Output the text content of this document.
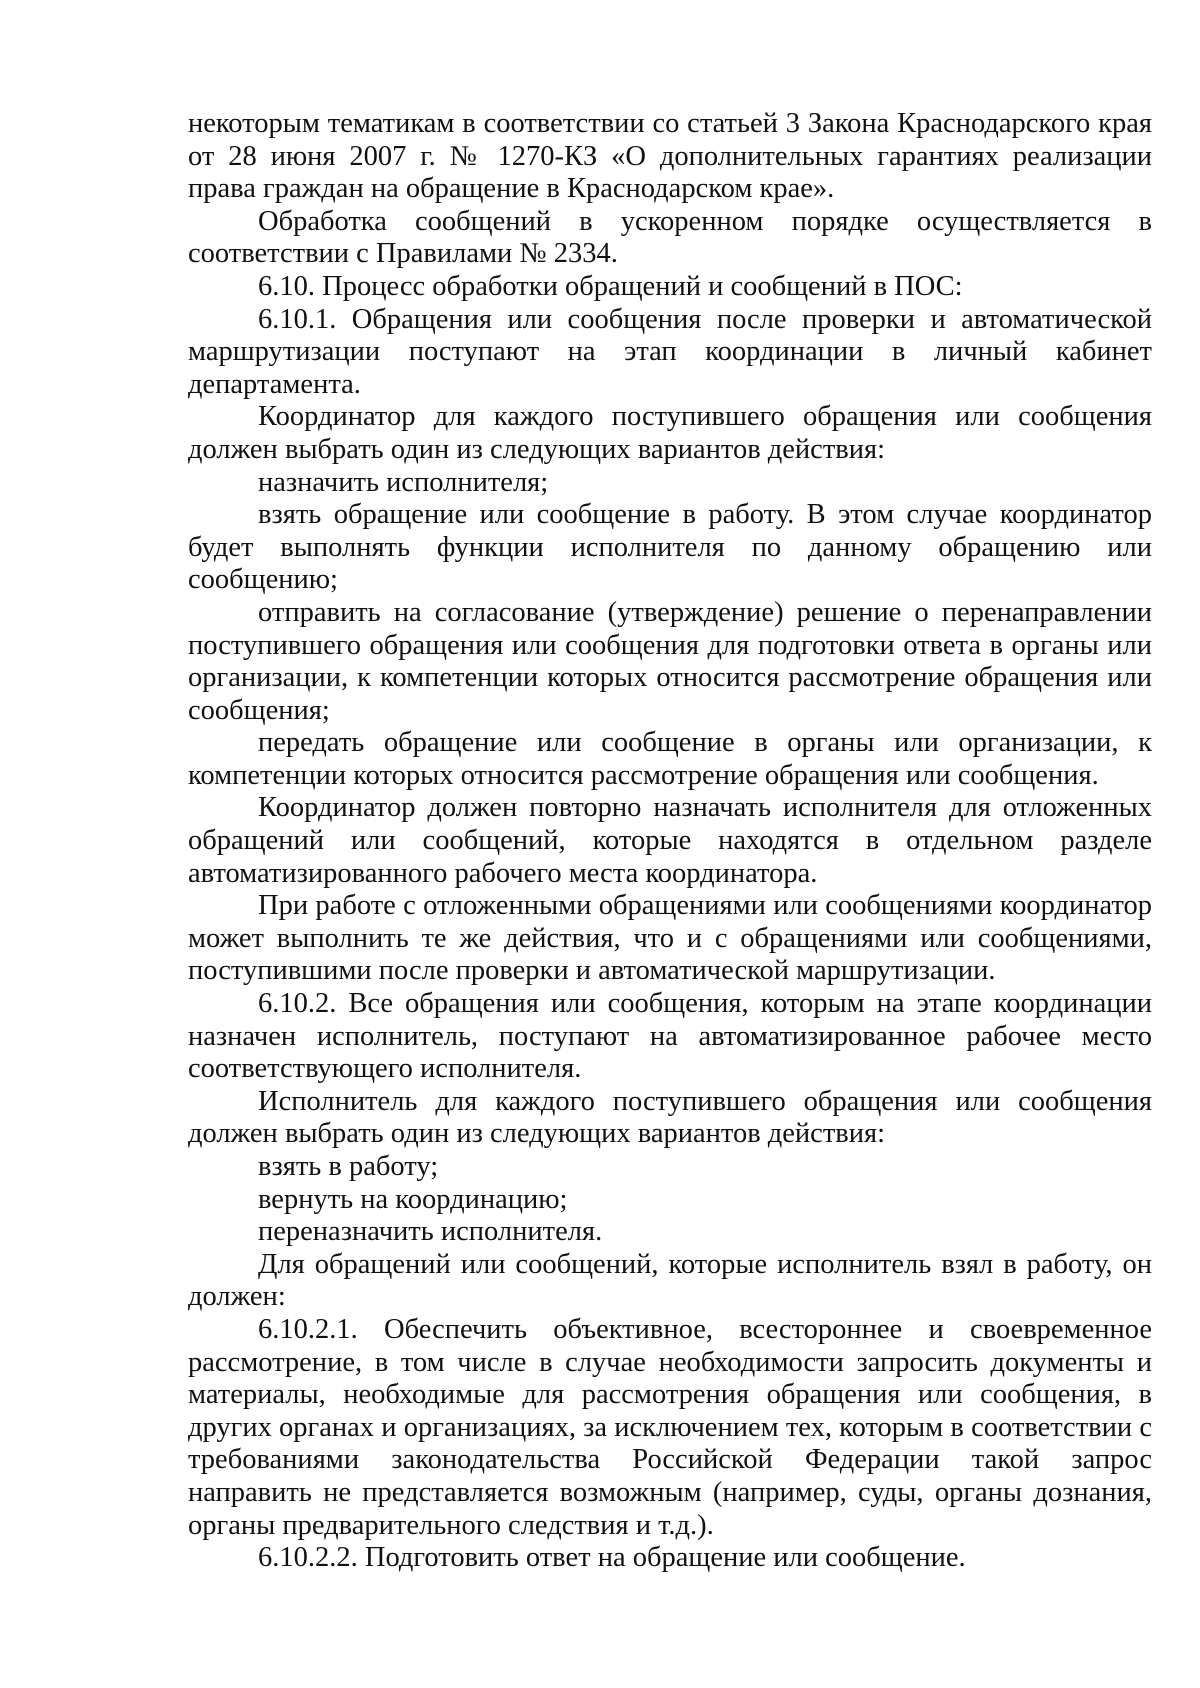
некоторым тематикам в соответствии со статьей 3 Закона Краснодарского края от 28 июня 2007 г. № 1270-КЗ «О дополнительных гарантиях реализации права граждан на обращение в Краснодарском крае».

Обработка сообщений в ускоренном порядке осуществляется в соответствии с Правилами № 2334.

6.10. Процесс обработки обращений и сообщений в ПОС:

6.10.1. Обращения или сообщения после проверки и автоматической маршрутизации поступают на этап координации в личный кабинет департамента.

Координатор для каждого поступившего обращения или сообщения должен выбрать один из следующих вариантов действия:

назначить исполнителя;

взять обращение или сообщение в работу. В этом случае координатор будет выполнять функции исполнителя по данному обращению или сообщению;

отправить на согласование (утверждение) решение о перенаправлении поступившего обращения или сообщения для подготовки ответа в органы или организации, к компетенции которых относится рассмотрение обращения или сообщения;

передать обращение или сообщение в органы или организации, к компетенции которых относится рассмотрение обращения или сообщения.

Координатор должен повторно назначать исполнителя для отложенных обращений или сообщений, которые находятся в отдельном разделе автоматизированного рабочего места координатора.

При работе с отложенными обращениями или сообщениями координатор может выполнить те же действия, что и с обращениями или сообщениями, поступившими после проверки и автоматической маршрутизации.

6.10.2. Все обращения или сообщения, которым на этапе координации назначен исполнитель, поступают на автоматизированное рабочее место соответствующего исполнителя.

Исполнитель для каждого поступившего обращения или сообщения должен выбрать один из следующих вариантов действия:

взять в работу;

вернуть на координацию;

переназначить исполнителя.

Для обращений или сообщений, которые исполнитель взял в работу, он должен:

6.10.2.1. Обеспечить объективное, всестороннее и своевременное рассмотрение, в том числе в случае необходимости запросить документы и материалы, необходимые для рассмотрения обращения или сообщения, в других органах и организациях, за исключением тех, которым в соответствии с требованиями законодательства Российской Федерации такой запрос направить не представляется возможным (например, суды, органы дознания, органы предварительного следствия и т.д.).

6.10.2.2. Подготовить ответ на обращение или сообщение.
